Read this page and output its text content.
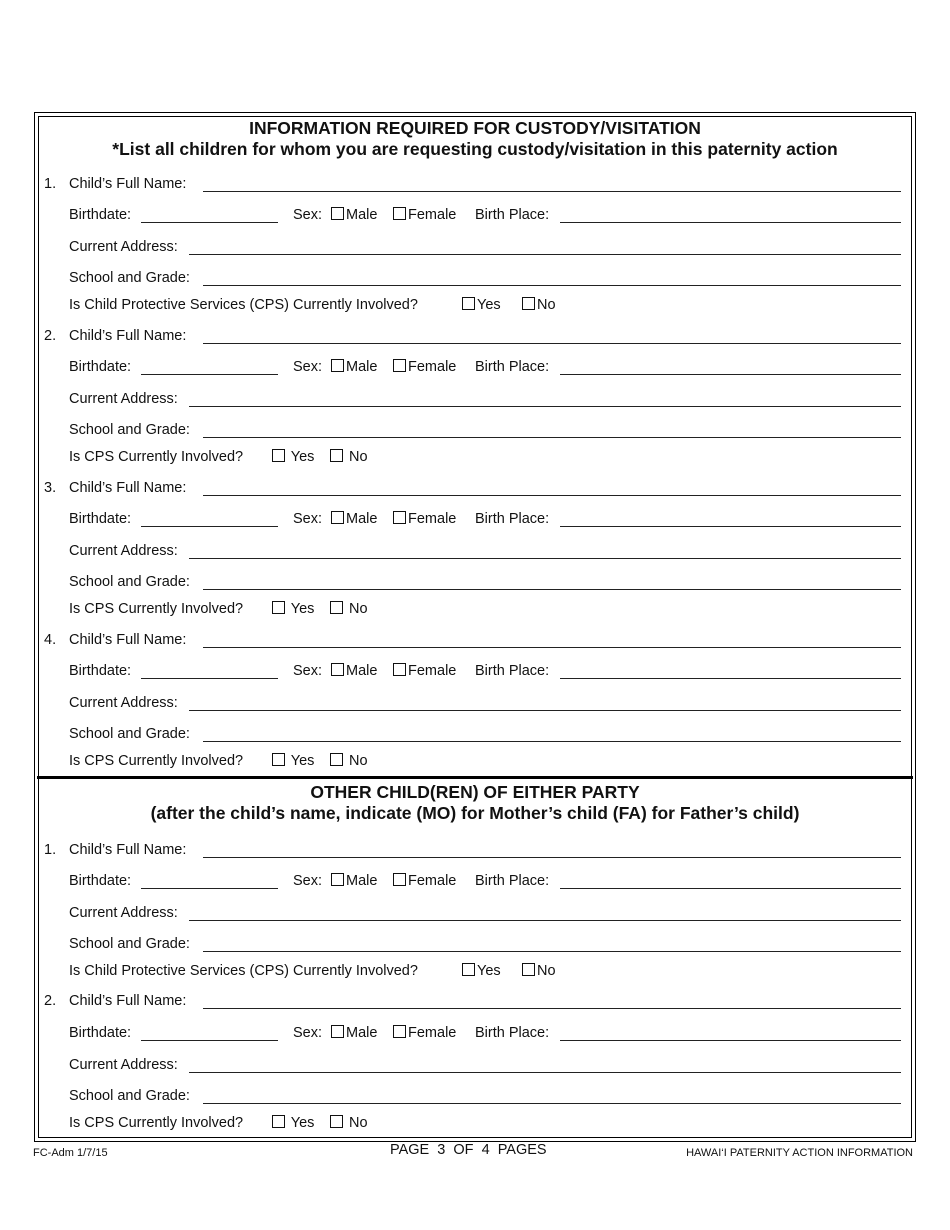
INFORMATION REQUIRED FOR CUSTODY/VISITATION
*List all children for whom you are requesting custody/visitation in this paternity action
1. Child’s Full Name:
Birthdate:	Sex:	Male	Female Birth Place:
Current Address:
School and Grade:
Is Child Protective Services (CPS) Currently Involved?	Yes	No
2. Child’s Full Name:
Birthdate:	Sex:	Male	Female Birth Place:
Current Address:
School and Grade:
Is CPS Currently Involved?	Yes	No
3. Child’s Full Name:
Birthdate:	Sex:	Male	Female Birth Place:
Current Address:
School and Grade:
Is CPS Currently Involved?	Yes	No
4. Child’s Full Name:
Birthdate:	Sex:	Male	Female Birth Place:
Current Address:
School and Grade:
Is CPS Currently Involved?	Yes	No
OTHER CHILD(REN) OF EITHER PARTY
(after the child’s name, indicate (MO) for Mother’s child (FA) for Father’s child)
1. Child’s Full Name:
Birthdate:	Sex:	Male	Female Birth Place:
Current Address:
School and Grade:
Is Child Protective Services (CPS) Currently Involved?	Yes	No
2. Child’s Full Name:
Birthdate:	Sex:	Male	Female Birth Place:
Current Address:
School and Grade:
Is CPS Currently Involved?	Yes	No
FC-Adm 1/7/15	PAGE  3  OF  4  PAGES	HAWAI‘I PATERNITY ACTION INFORMATION
